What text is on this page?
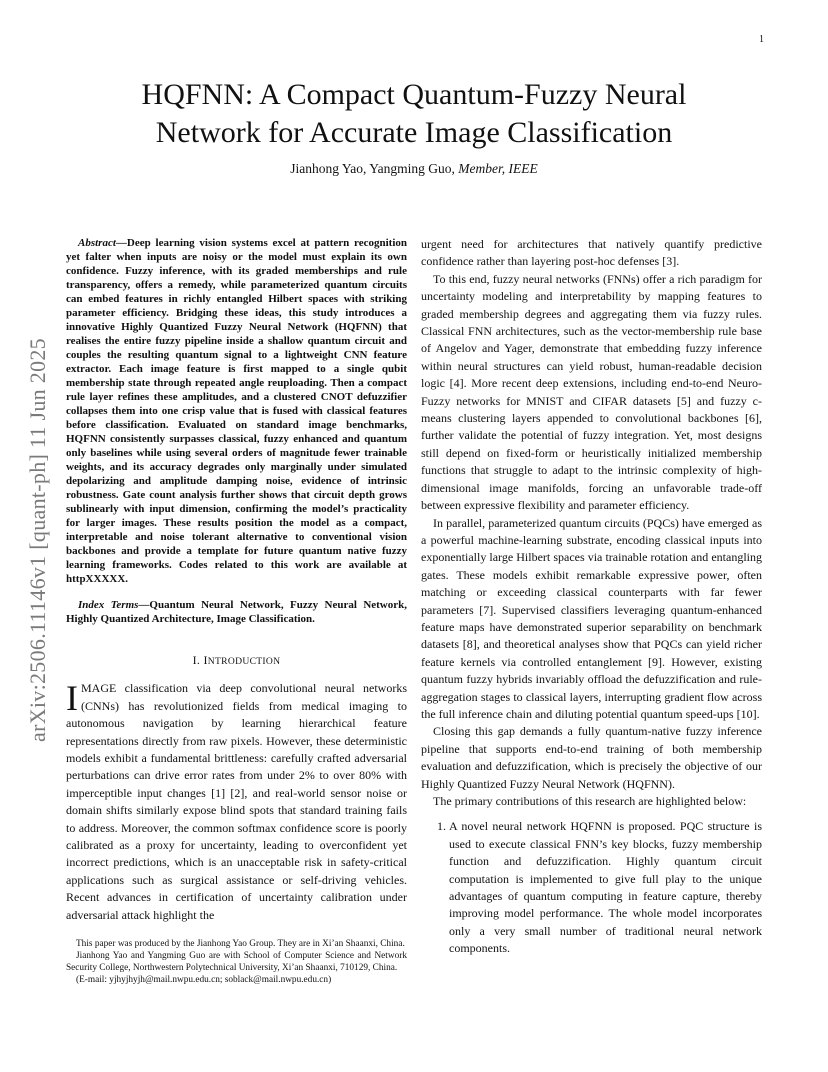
1
arXiv:2506.11146v1 [quant-ph] 11 Jun 2025
HQFNN: A Compact Quantum-Fuzzy Neural
Network for Accurate Image Classification
Jianhong Yao, Yangming Guo, Member, IEEE

Abstract—Deep learning vision systems excel at pattern recognition yet falter when inputs are noisy or the model must explain its own confidence. Fuzzy inference, with its graded memberships and rule transparency, offers a remedy, while parameterized quantum circuits can embed features in richly entangled Hilbert spaces with striking parameter efficiency. Bridging these ideas, this study introduces a innovative Highly Quantized Fuzzy Neural Network (HQFNN) that realises the entire fuzzy pipeline inside a shallow quantum circuit and couples the resulting quantum signal to a lightweight CNN feature extractor. Each image feature is first mapped to a single qubit membership state through repeated angle reuploading. Then a compact rule layer refines these amplitudes, and a clustered CNOT defuzzifier collapses them into one crisp value that is fused with classical features before classification. Evaluated on standard image benchmarks, HQFNN consistently surpasses classical, fuzzy enhanced and quantum only baselines while using several orders of magnitude fewer trainable weights, and its accuracy degrades only marginally under simulated depolarizing and amplitude damping noise, evidence of intrinsic robustness. Gate count analysis further shows that circuit depth grows sublinearly with input dimension, confirming the model’s practicality for larger images. These results position the model as a compact, interpretable and noise tolerant alternative to conventional vision backbones and provide a template for future quantum native fuzzy learning frameworks. Codes related to this work are available at httpXXXXX.

Index Terms—Quantum Neural Network, Fuzzy Neural Network, Highly Quantized Architecture, Image Classification.

I. INTRODUCTION

IMAGE classification via deep convolutional neural networks (CNNs) has revolutionized fields from medical imaging to autonomous navigation by learning hierarchical feature representations directly from raw pixels. However, these deterministic models exhibit a fundamental brittleness: carefully crafted adversarial perturbations can drive error rates from under 2% to over 80% with imperceptible input changes [1] [2], and real-world sensor noise or domain shifts similarly expose blind spots that standard training fails to address. Moreover, the common softmax confidence score is poorly calibrated as a proxy for uncertainty, leading to overconfident yet incorrect predictions, which is an unacceptable risk in safety-critical applications such as surgical assistance or self-driving vehicles. Recent advances in certification of uncertainty calibration under adversarial attack highlight the

urgent need for architectures that natively quantify predictive confidence rather than layering post-hoc defenses [3].

To this end, fuzzy neural networks (FNNs) offer a rich paradigm for uncertainty modeling and interpretability by mapping features to graded membership degrees and aggregating them via fuzzy rules. Classical FNN architectures, such as the vector-membership rule base of Angelov and Yager, demonstrate that embedding fuzzy inference within neural structures can yield robust, human-readable decision logic [4]. More recent deep extensions, including end-to-end Neuro-Fuzzy networks for MNIST and CIFAR datasets [5] and fuzzy c-means clustering layers appended to convolutional backbones [6], further validate the potential of fuzzy integration. Yet, most designs still depend on fixed-form or heuristically initialized membership functions that struggle to adapt to the intrinsic complexity of high-dimensional image manifolds, forcing an unfavorable trade-off between expressive flexibility and parameter efficiency.

In parallel, parameterized quantum circuits (PQCs) have emerged as a powerful machine-learning substrate, encoding classical inputs into exponentially large Hilbert spaces via trainable rotation and entangling gates. These models exhibit remarkable expressive power, often matching or exceeding classical counterparts with far fewer parameters [7]. Supervised classifiers leveraging quantum-enhanced feature maps have demonstrated superior separability on benchmark datasets [8], and theoretical analyses show that PQCs can yield richer feature kernels via controlled entanglement [9]. However, existing quantum fuzzy hybrids invariably offload the defuzzification and rule-aggregation stages to classical layers, interrupting gradient flow across the full inference chain and diluting potential quantum speed-ups [10].

Closing this gap demands a fully quantum-native fuzzy inference pipeline that supports end-to-end training of both membership evaluation and defuzzification, which is precisely the objective of our Highly Quantized Fuzzy Neural Network (HQFNN).

The primary contributions of this research are highlighted below:

1. A novel neural network HQFNN is proposed. PQC structure is used to execute classical FNN’s key blocks, fuzzy membership function and defuzzification. Highly quantum circuit computation is implemented to give full play to the unique advantages of quantum computing in feature capture, thereby improving model performance. The whole model incorporates only a very small number of traditional neural network components.

This paper was produced by the Jianhong Yao Group. They are in Xi’an Shaanxi, China.

Jianhong Yao and Yangming Guo are with School of Computer Science and Network Security College, Northwestern Polytechnical University, Xi’an Shaanxi, 710129, China.

(E-mail: yjhyjhyjh@mail.nwpu.edu.cn; soblack@mail.nwpu.edu.cn)
